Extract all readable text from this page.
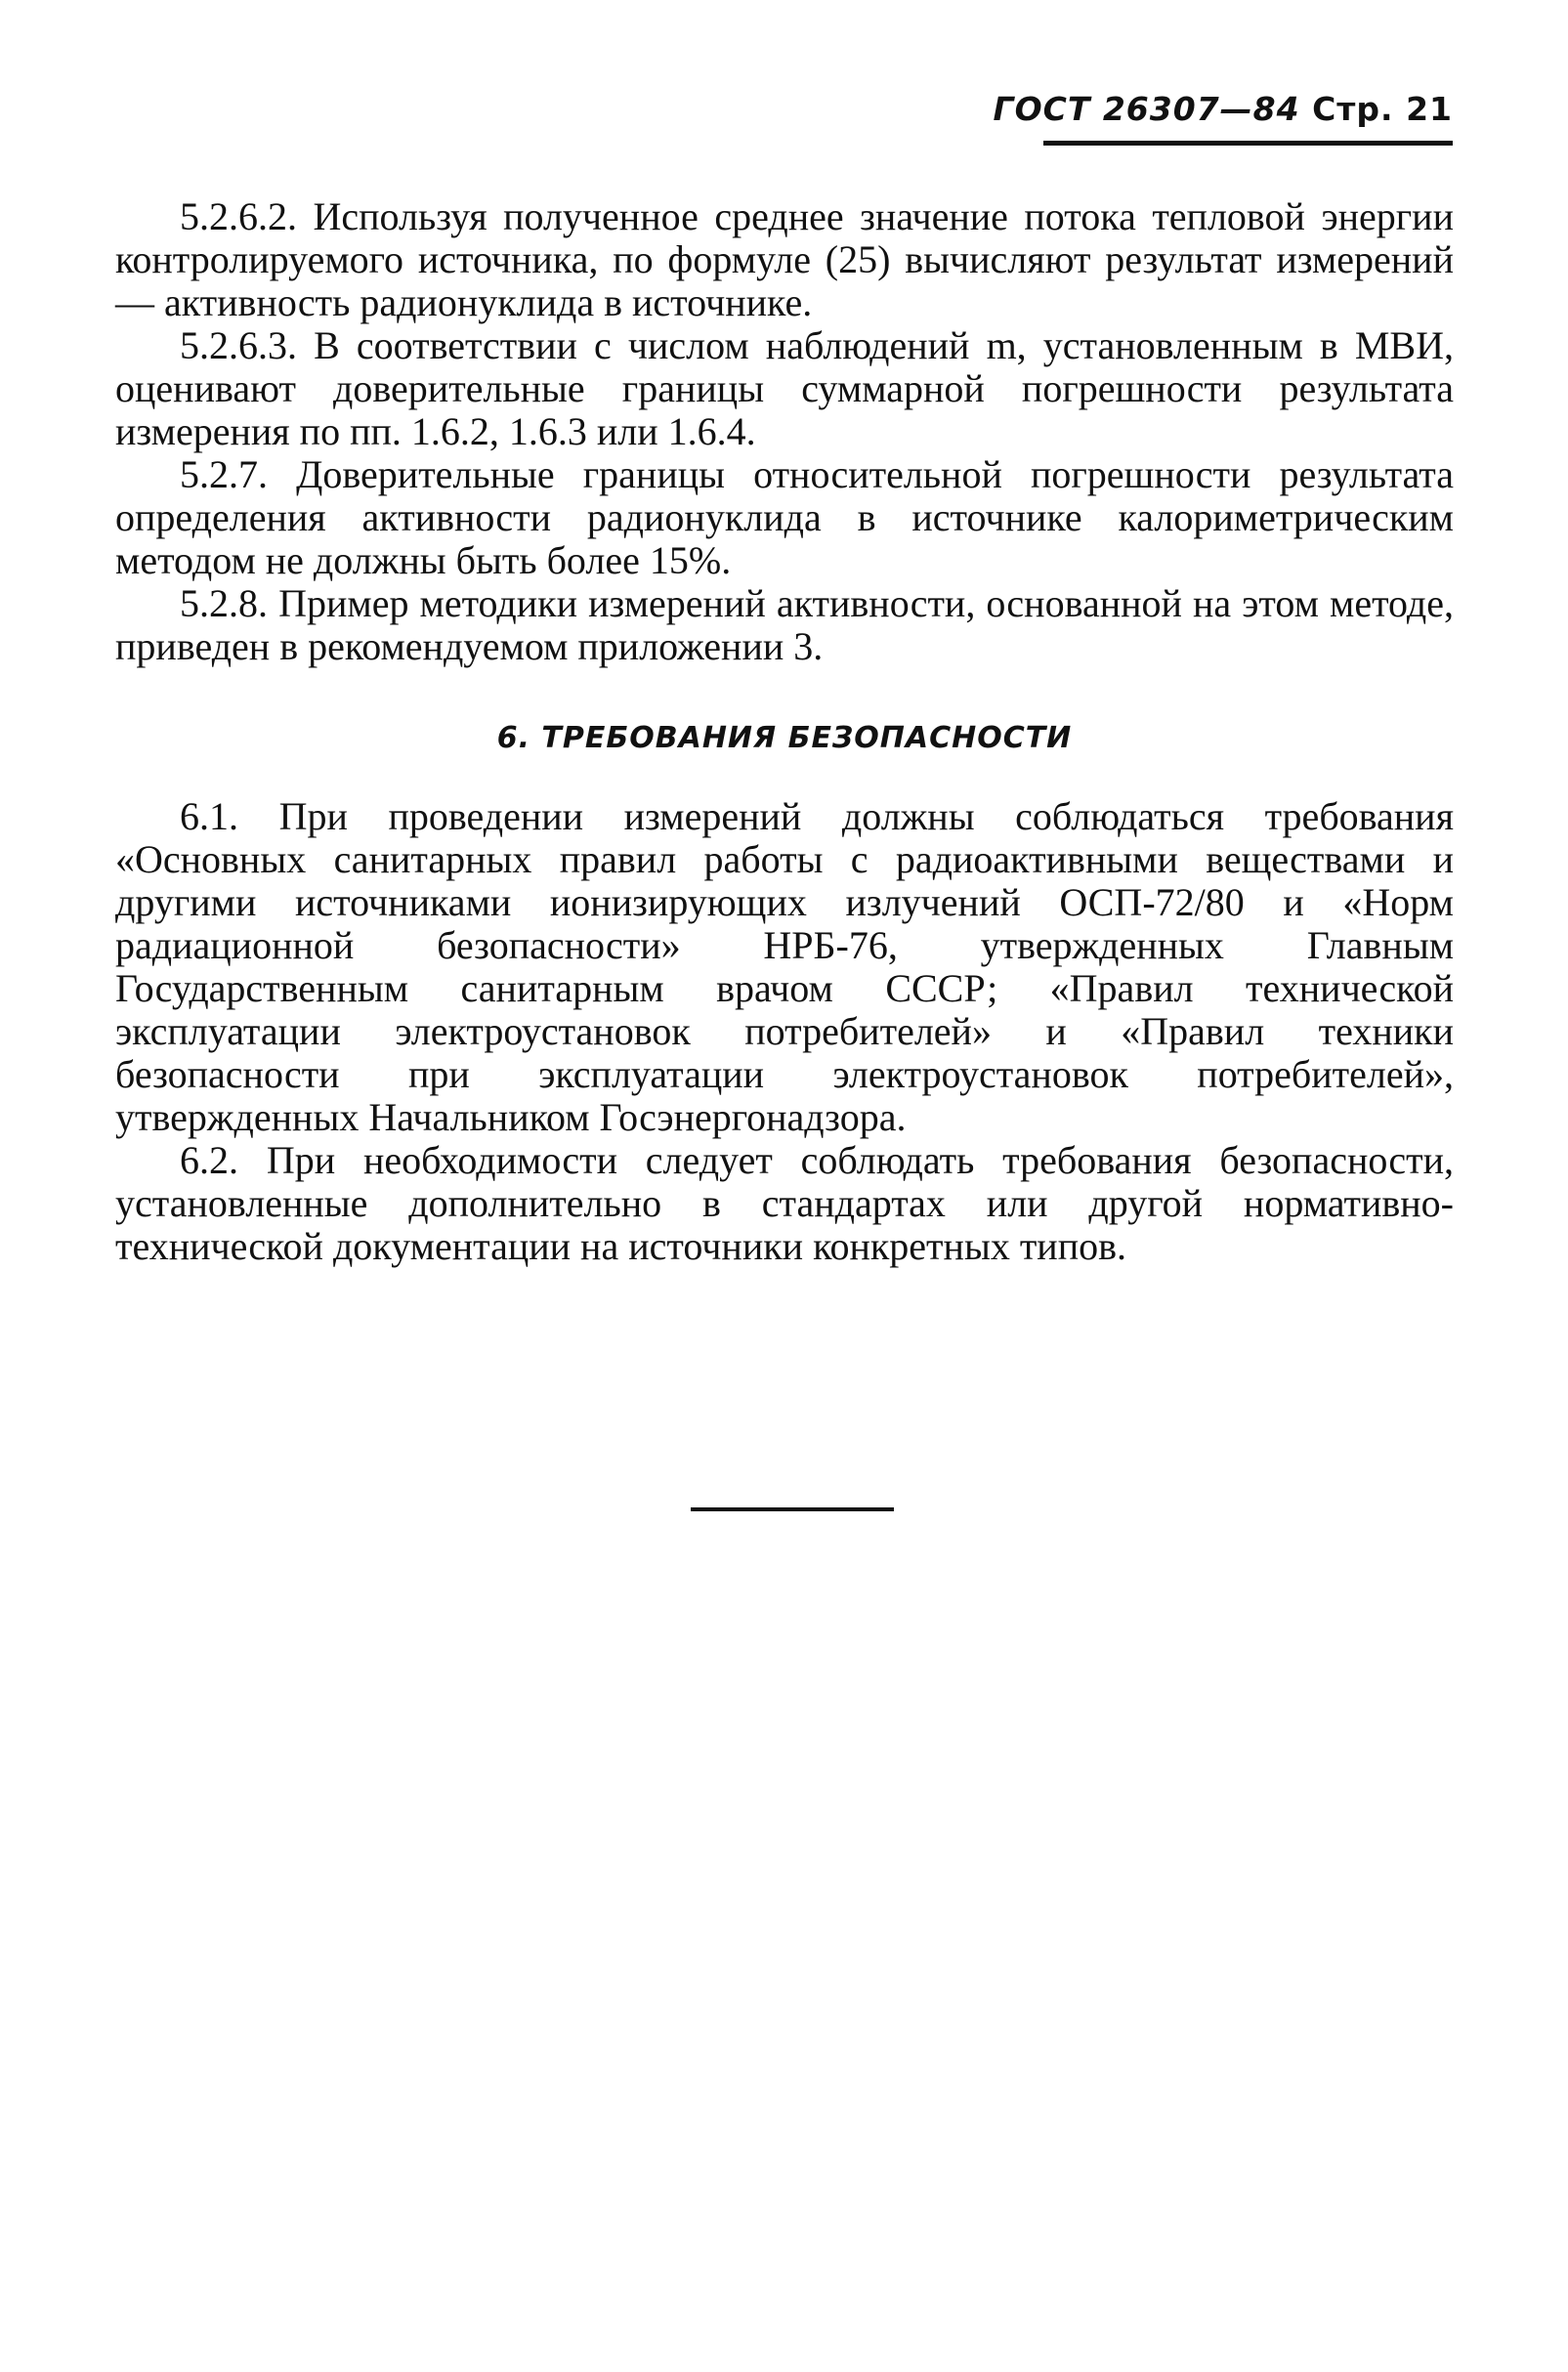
ГОСТ 26307—84 Стр. 21

5.2.6.2. Используя полученное среднее значение потока тепловой энергии контролируемого источника, по формуле (25) вычисляют результат измерений — активность радионуклида в источнике.

5.2.6.3. В соответствии с числом наблюдений m, установленным в МВИ, оценивают доверительные границы суммарной погрешности результата измерения по пп. 1.6.2, 1.6.3 или 1.6.4.

5.2.7. Доверительные границы относительной погрешности результата определения активности радионуклида в источнике калориметрическим методом не должны быть более 15%.

5.2.8. Пример методики измерений активности, основанной на этом методе, приведен в рекомендуемом приложении 3.

6. ТРЕБОВАНИЯ БЕЗОПАСНОСТИ

6.1. При проведении измерений должны соблюдаться требования «Основных санитарных правил работы с радиоактивными веществами и другими источниками ионизирующих излучений ОСП-72/80 и «Норм радиационной безопасности» НРБ-76, утвержденных Главным Государственным санитарным врачом СССР; «Правил технической эксплуатации электроустановок потребителей» и «Правил техники безопасности при эксплуатации электроустановок потребителей», утвержденных Начальником Госэнергонадзора.

6.2. При необходимости следует соблюдать требования безопасности, установленные дополнительно в стандартах или другой нормативно-технической документации на источники конкретных типов.
